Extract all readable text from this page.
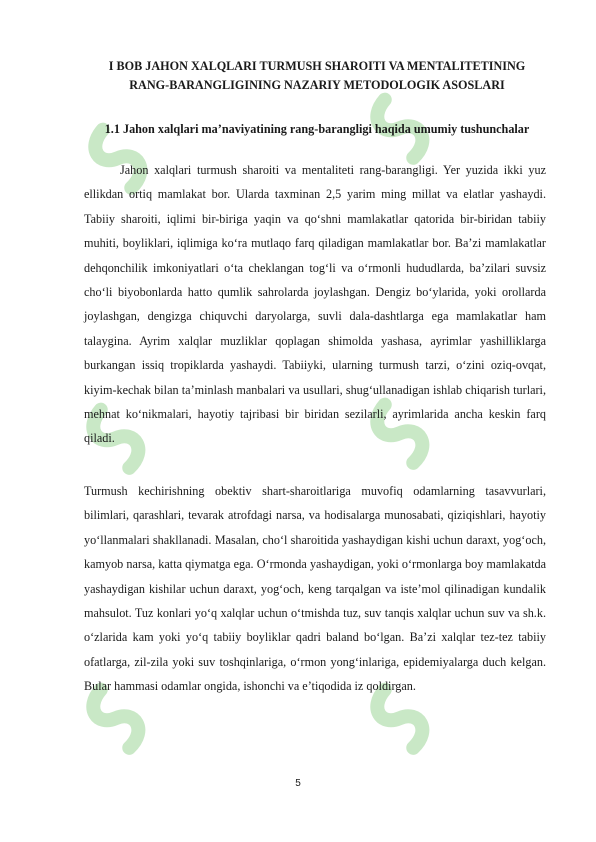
I BOB JAHON XALQLARI TURMUSH SHAROITI VA MENTALITETINING RANG-BARANGLIGINING NAZARIY METODOLOGIK ASOSLARI
1.1 Jahon xalqlari ma’naviyatining rang-barangligi haqida umumiy tushunchalar

Jahon xalqlari turmush sharoiti va mentaliteti rang-barangligi. Yer yuzida ikki yuz ellikdan ortiq mamlakat bor. Ularda taxminan 2,5 yarim ming millat va elatlar yashaydi. Tabiiy sharoiti, iqlimi bir-biriga yaqin va qo‘shni mamlakatlar qatorida bir-biridan tabiiy muhiti, boyliklari, iqlimiga ko‘ra mutlaqo farq qiladigan mamlakatlar bor. Ba’zi mamlakatlar dehqonchilik imkoniyatlari o‘ta cheklangan tog‘li va o‘rmonli hududlarda, ba’zilari suvsiz cho‘li biyobonlarda hatto qumlik sahrolarda joylashgan. Dengiz bo‘ylarida, yoki orollarda joylashgan, dengizga chiquvchi daryolarga, suvli dala-dashtlarga ega mamlakatlar ham talaygina. Ayrim xalqlar muzliklar qoplagan shimolda yashasa, ayrimlar yashilliklarga burkangan issiq tropiklarda yashaydi. Tabiiyki, ularning turmush tarzi, o‘zini oziq-ovqat, kiyim-kechak bilan ta’minlash manbalari va usullari, shug‘ullanadigan ishlab chiqarish turlari, mehnat ko‘nikmalari, hayotiy tajribasi bir biridan sezilarli, ayrimlarida ancha keskin farq qiladi.

Turmush kechirishning obektiv shart-sharoitlariga muvofiq odamlarning tasavvurlari, bilimlari, qarashlari, tevarak atrofdagi narsa, va hodisalarga munosabati, qiziqishlari, hayotiy yo‘llanmalari shakllanadi. Masalan, cho‘l sharoitida yashaydigan kishi uchun daraxt, yog‘och, kamyob narsa, katta qiymatga ega. O‘rmonda yashaydigan, yoki o‘rmonlarga boy mamlakatda yashaydigan kishilar uchun daraxt, yog‘och, keng tarqalgan va iste’mol qilinadigan kundalik mahsulot. Tuz konlari yo‘q xalqlar uchun o‘tmishda tuz, suv tanqis xalqlar uchun suv va sh.k. o‘zlarida kam yoki yo‘q tabiiy boyliklar qadri baland bo‘lgan. Ba’zi xalqlar tez-tez tabiiy ofatlarga, zil-zila yoki suv toshqinlariga, o‘rmon yong‘inlariga, epidemiyalarga duch kelgan. Bular hammasi odamlar ongida, ishonchi va e’tiqodida iz qoldirgan.

5
